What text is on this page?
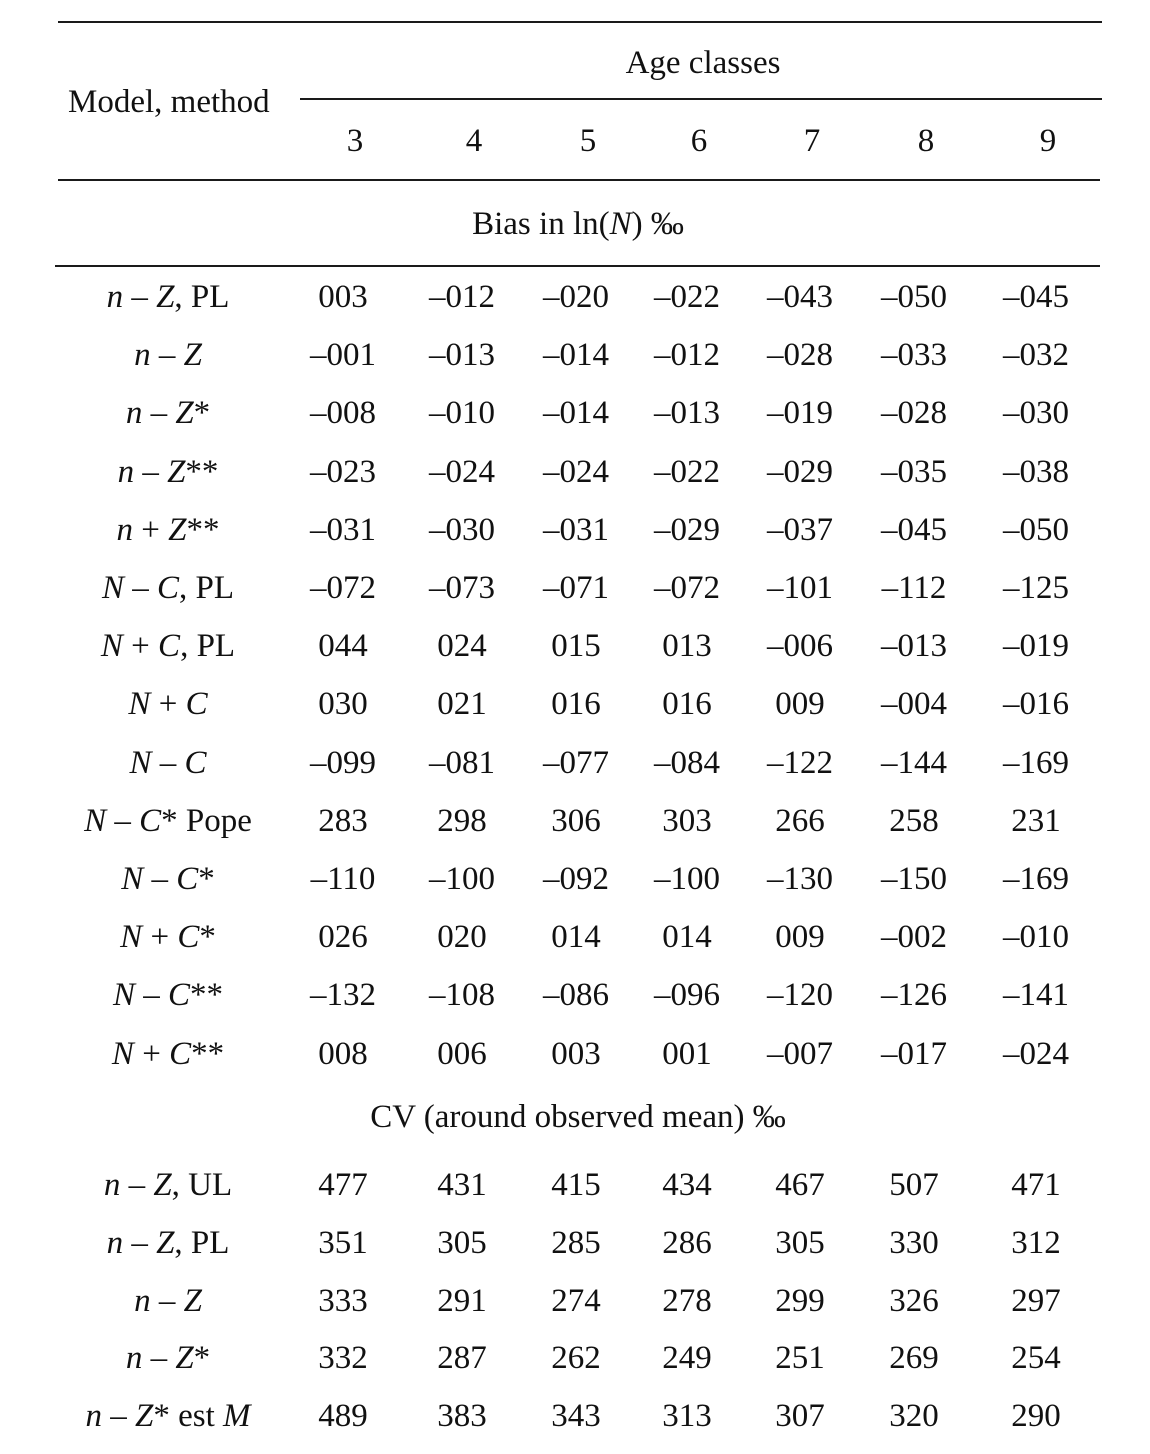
Model, method
Age classes
3	4	5	6	7	8	9
Bias in ln(N) ‰
CV (around observed mean) ‰
n – Z, PL	003 –012 –020 –022 –043 –050 –045
n – Z	–001 –013 –014 –012 –028 –033 –032
n – Z*	–008 –010 –014 –013 –019 –028 –030
n – Z**	–023 –024 –024 –022 –029 –035 –038
n + Z**	–031 –030 –031 –029 –037 –045 –050
N – C, PL –072 –073 –071 –072 –101 –112 –125
N + C, PL	044 024 015 013 –006 –013 –019
N + C	030 021 016 016 009 –004 –016
N – C	–099 –081 –077 –084 –122 –144 –169
N – C* Pope 283 298 306 303 266 258 231
N – C*	–110 –100 –092 –100 –130 –150 –169
N + C*	026 020 014 014 009 –002 –010
N – C**	–132 –108 –086 –096 –120 –126 –141
N + C**	008 006 003 001 –007 –017 –024
n – Z, UL	477 431 415 434 467 507 471
n – Z, PL	351 305 285 286 305 330 312
n – Z	333 291 274 278 299 326 297
n – Z*	332 287 262 249 251 269 254
n – Z* est M 489 383 343 313 307 320 290
